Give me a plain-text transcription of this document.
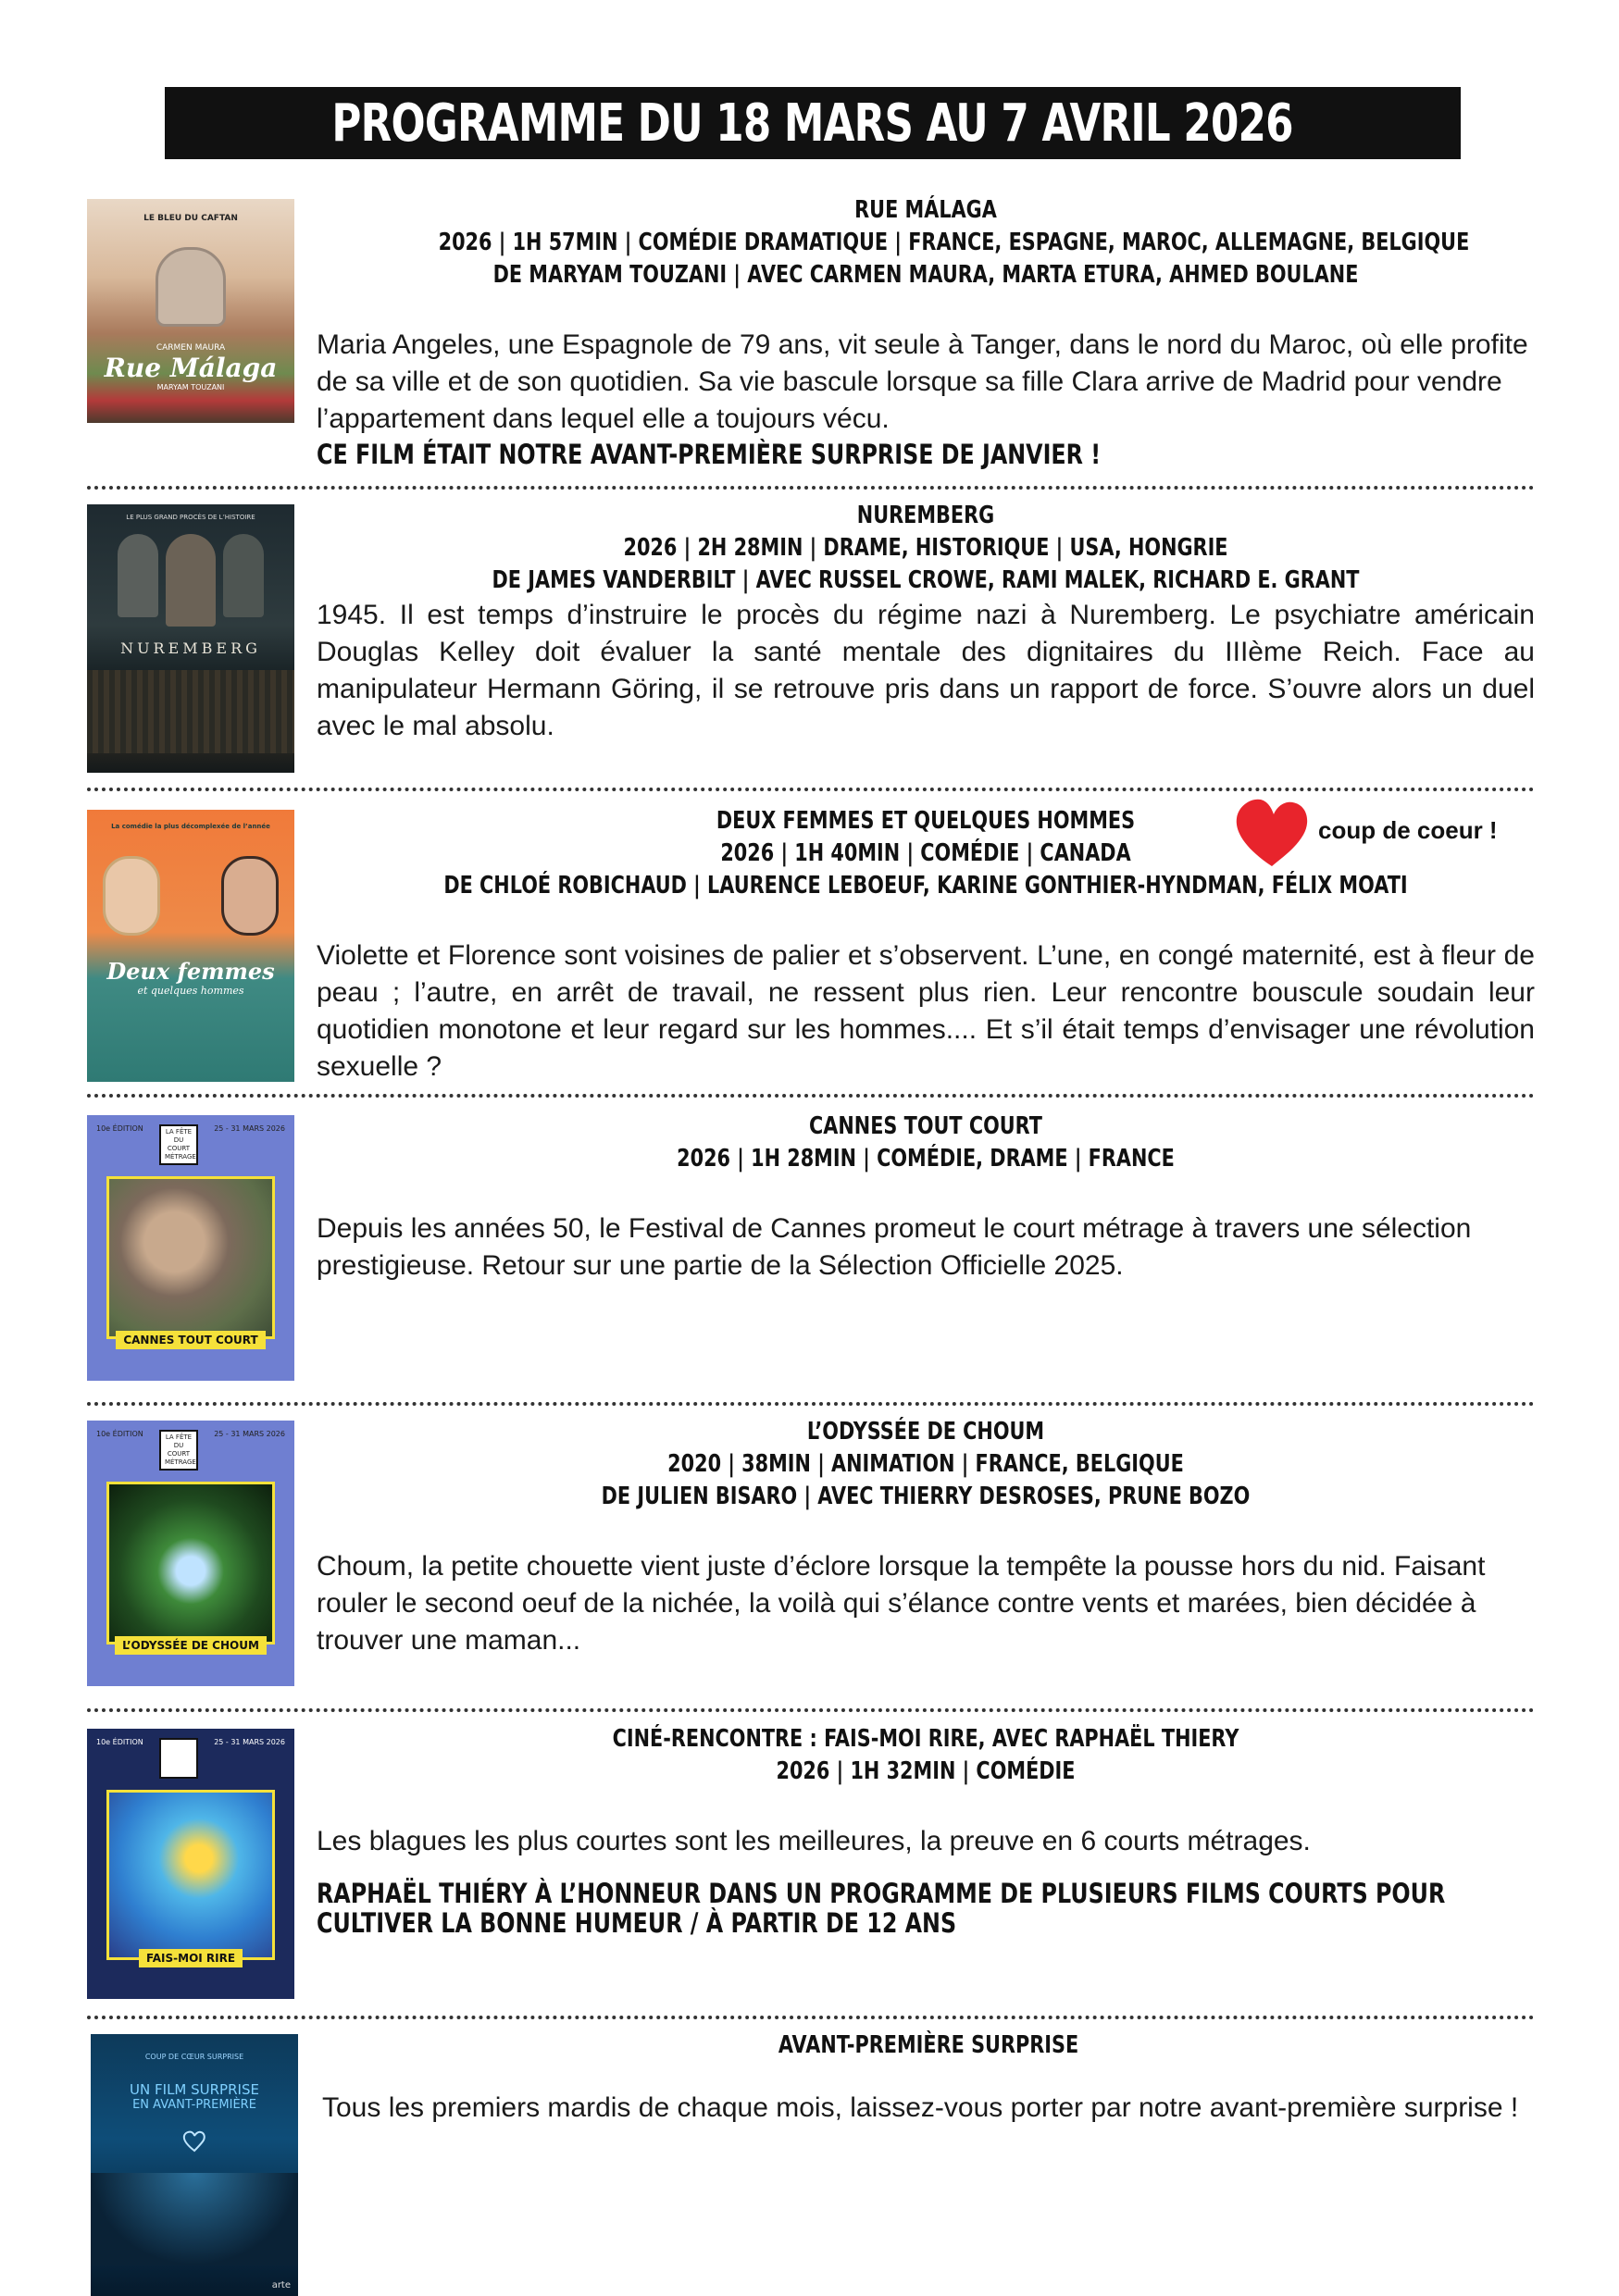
PROGRAMME DU 18 MARS AU 7 AVRIL 2026
LE BLEU DU CAFTAN
CARMEN MAURA
Rue Málaga
MARYAM TOUZANI
RUE MÁLAGA
2026 | 1H 57MIN | COMÉDIE DRAMATIQUE | FRANCE, ESPAGNE, MAROC, ALLEMAGNE, BELGIQUE
DE MARYAM TOUZANI | AVEC CARMEN MAURA, MARTA ETURA, AHMED BOULANE

Maria Angeles, une Espagnole de 79 ans, vit seule à Tanger, dans le nord du Maroc, où elle profite de sa ville et de son quotidien. Sa vie bascule lorsque sa fille Clara arrive de Madrid pour vendre l’appartement dans lequel elle a toujours vécu.

CE FILM ÉTAIT NOTRE AVANT-PREMIÈRE SURPRISE DE JANVIER !
LE PLUS GRAND PROCÈS DE L’HISTOIRE
NUREMBERG
NUREMBERG
2026 | 2H 28MIN | DRAME, HISTORIQUE | USA, HONGRIE
DE JAMES VANDERBILT | AVEC RUSSEL CROWE, RAMI MALEK, RICHARD E. GRANT

1945. Il est temps d’instruire le procès du régime nazi à Nuremberg. Le psychiatre américain Douglas Kelley doit évaluer la santé mentale des dignitaires du IIIème Reich. Face au manipulateur Hermann Göring, il se retrouve pris dans un rapport de force. S’ouvre alors un duel avec le mal absolu.

La comédie la plus décomplexée de l’année
Deux femmes
et quelques hommes
DEUX FEMMES ET QUELQUES HOMMES
2026 | 1H 40MIN | COMÉDIE | CANADA
DE CHLOÉ ROBICHAUD | LAURENCE LEBOEUF, KARINE GONTHIER-HYNDMAN, FÉLIX MOATI

Violette et Florence sont voisines de palier et s’observent. L’une, en congé maternité, est à fleur de peau ; l’autre, en arrêt de travail, ne ressent plus rien. Leur rencontre bouscule soudain leur quotidien monotone et leur regard sur les hommes.... Et s’il était temps d’envisager une révolution sexuelle ?

coup de coeur !
10e ÉDITION	LA FÊTE DU COURT MÉTRAGE
25 - 31 MARS 2026
CANNES TOUT COURT
CANNES TOUT COURT
2026 | 1H 28MIN | COMÉDIE, DRAME | FRANCE

Depuis les années 50, le Festival de Cannes promeut le court métrage à travers une sélection prestigieuse. Retour sur une partie de la Sélection Officielle 2025.

10e ÉDITION	LA FÊTE DU COURT MÉTRAGE
25 - 31 MARS 2026
L’ODYSSÉE DE CHOUM
L’ODYSSÉE DE CHOUM
2020 | 38MIN | ANIMATION | FRANCE, BELGIQUE
DE JULIEN BISARO | AVEC THIERRY DESROSES, PRUNE BOZO

Choum, la petite chouette vient juste d’éclore lorsque la tempête la pousse hors du nid. Faisant rouler le second oeuf de la nichée, la voilà qui s’élance contre vents et marées, bien décidée à trouver une maman...

10e ÉDITION	LA FÊTE DU COURT MÉTRAGE
25 - 31 MARS 2026
FAIS-MOI RIRE
CINÉ-RENCONTRE : FAIS-MOI RIRE, AVEC RAPHAËL THIERY
2026 | 1H 32MIN | COMÉDIE

Les blagues les plus courtes sont les meilleures, la preuve en 6 courts métrages.

RAPHAËL THIÉRY À L’HONNEUR DANS UN PROGRAMME DE PLUSIEURS FILMS COURTS POUR
CULTIVER LA BONNE HUMEUR / À PARTIR DE 12 ANS
COUP DE CŒUR SURPRISE
UN FILM SURPRISE
EN AVANT-PREMIÈRE
arte
AVANT-PREMIÈRE SURPRISE

Tous les premiers mardis de chaque mois, laissez-vous porter par notre avant-première surprise !
